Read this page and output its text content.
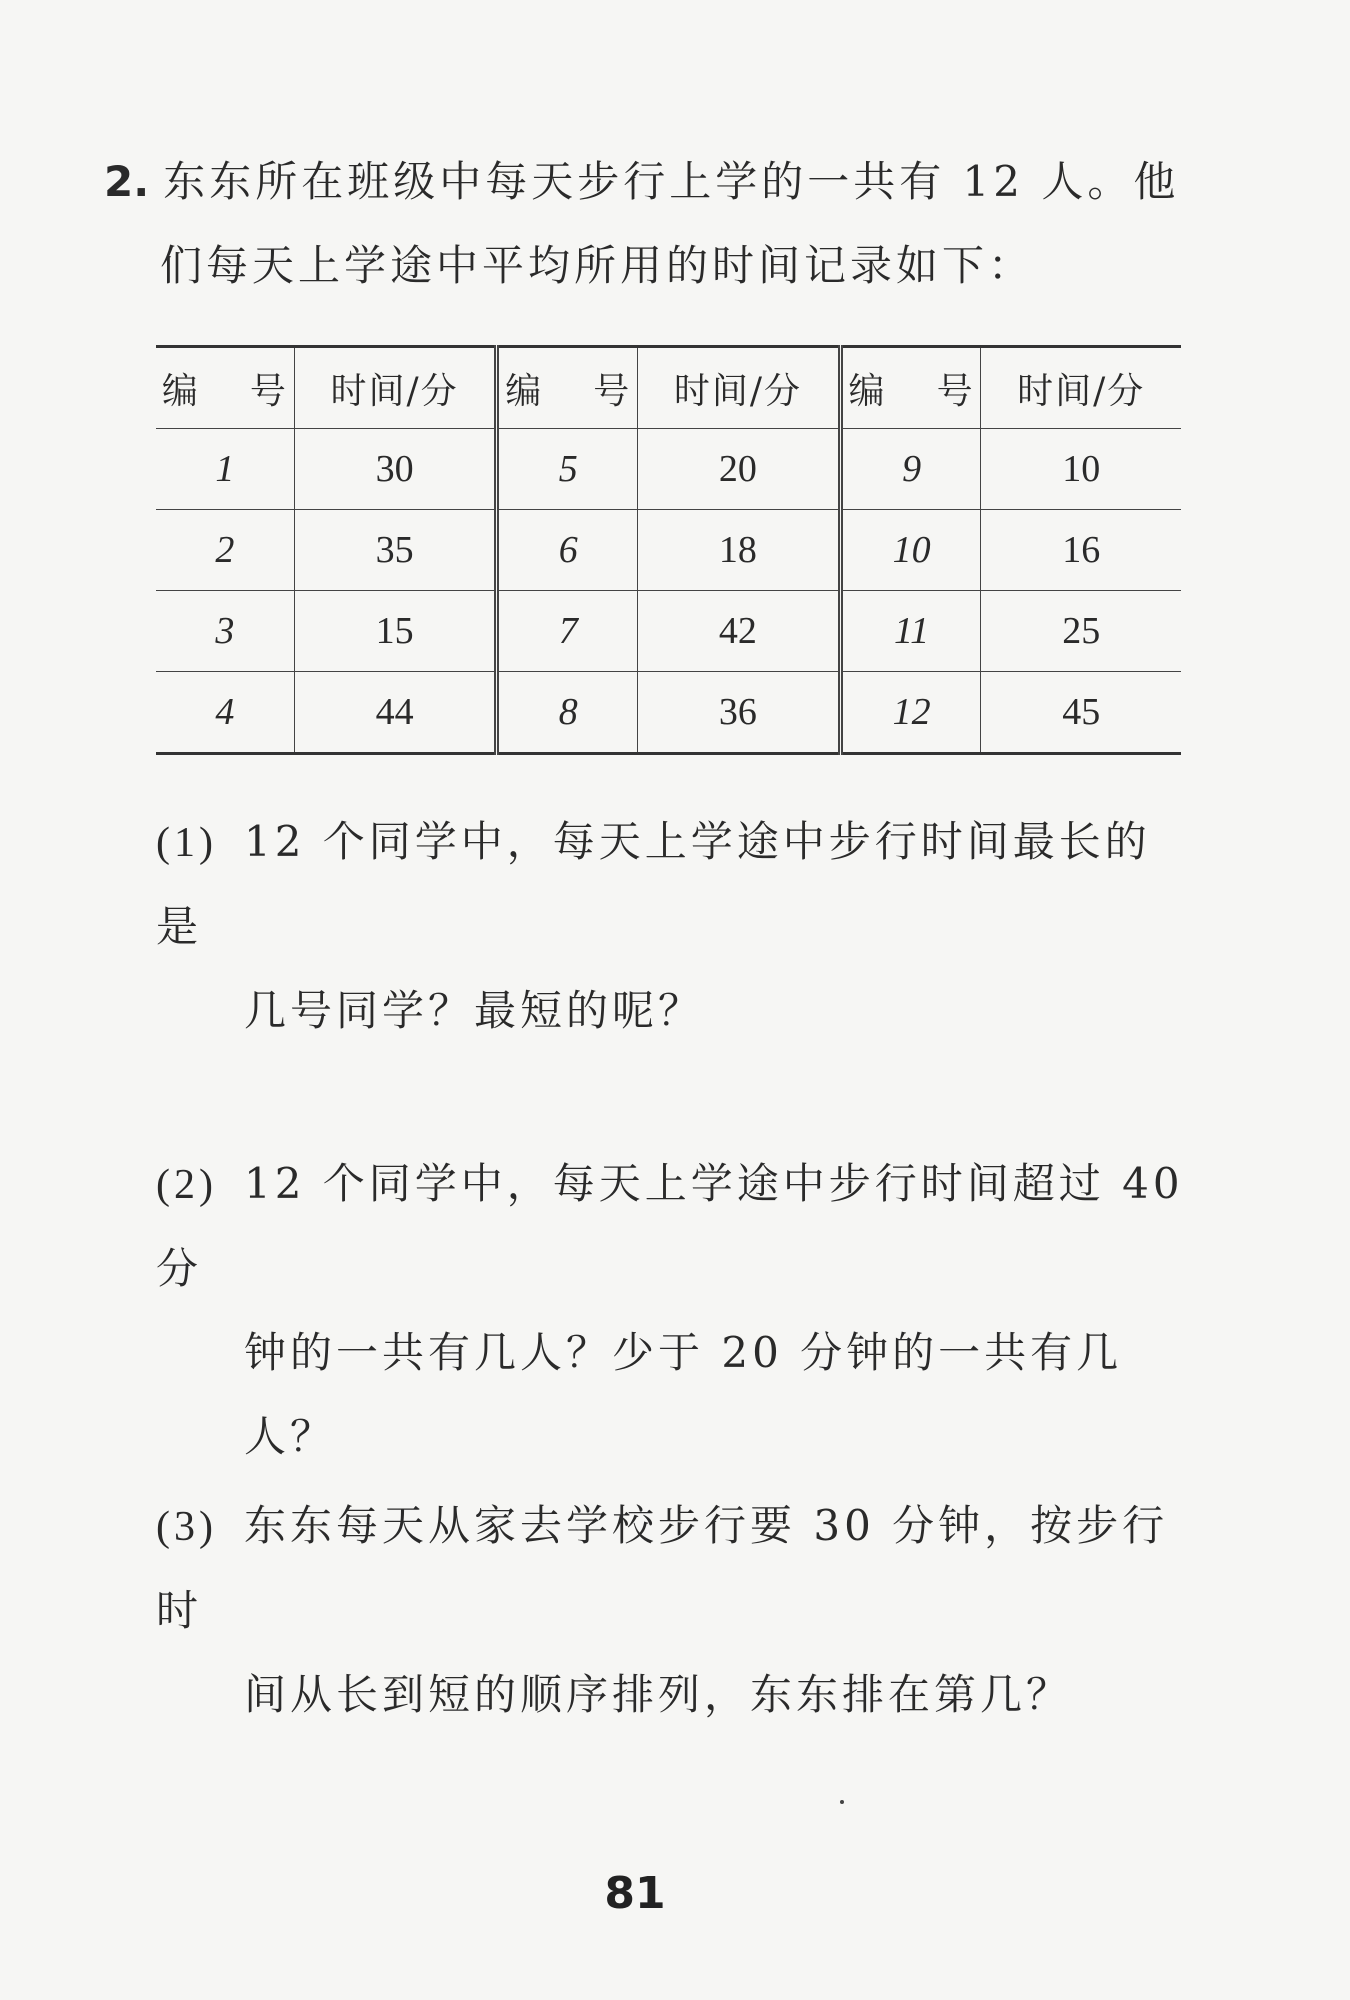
2. 东东所在班级中每天步行上学的一共有 12 人。他
们每天上学途中平均所用的时间记录如下：
编 号	时间/分	编 号	时间/分	编 号	时间/分
1	30	5	20	9	10
2	35	6	18	10	16
3	15	7	42	11	25
4	44	8	36	12	45
(1) 12 个同学中，每天上学途中步行时间最长的是
几号同学？最短的呢？
(2) 12 个同学中，每天上学途中步行时间超过 40 分
钟的一共有几人？少于 20 分钟的一共有几人？
(3) 东东每天从家去学校步行要 30 分钟，按步行时
间从长到短的顺序排列，东东排在第几？
81
